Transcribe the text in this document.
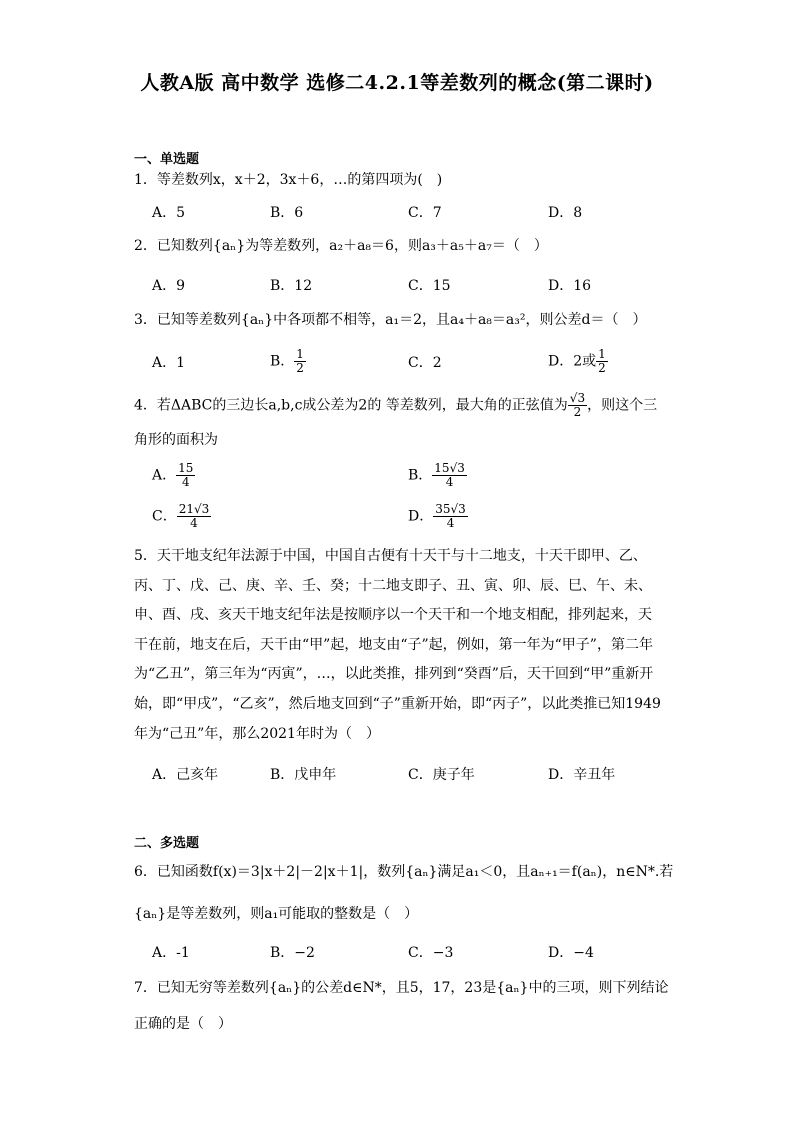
人教A版 高中数学 选修二4.2.1等差数列的概念(第二课时)
一、单选题
1．等差数列x，x＋2，3x＋6，…的第四项为(　)
A．5	B．6	C．7	D．8
2．已知数列{aₙ}为等差数列，a₂＋a₈＝6，则a₃＋a₅＋a₇＝（　）
A．9	B．12	C．15	D．16
3．已知等差数列{aₙ}中各项都不相等，a₁＝2，且a₄＋a₈＝a₃²，则公差d＝（　）
A．1	B． $\frac{1}{2}$	C．2	D．2或 $\frac{1}{2}$
4．若ΔABC的三边长a,b,c成公差为2的 等差数列，最大角的正弦值为 $\frac{√3}{2}$ ，则这个三
角形的面积为
A． $\frac{15}{4}$	B． $\frac{15√3}{4}$
C． $\frac{21√3}{4}$	D． $\frac{35√3}{4}$
5．天干地支纪年法源于中国，中国自古便有十天干与十二地支，十天干即甲、乙、丙、丁、戊、己、庚、辛、壬、癸；十二地支即子、丑、寅、卯、辰、巳、午、未、申、酉、戌、亥天干地支纪年法是按顺序以一个天干和一个地支相配，排列起来，天干在前，地支在后，天干由“甲”起，地支由“子”起，例如，第一年为“甲子”，第二年为“乙丑”，第三年为“丙寅”，…，以此类推，排列到“癸酉”后，天干回到“甲”重新开始，即“甲戌”，“乙亥”，然后地支回到“子”重新开始，即“丙子”，以此类推已知1949年为“己丑”年，那么2021年时为（　）
A．己亥年	B．戊申年	C．庚子年	D．辛丑年
二、多选题
6．已知函数f(x)＝3|x＋2|－2|x＋1|，数列{aₙ}满足a₁＜0，且aₙ₊₁＝f(aₙ)，n∈N*.若
{aₙ}是等差数列，则a₁可能取的整数是（　）
A．-1	B．−2	C．−3	D．−4
7．已知无穷等差数列{aₙ}的公差d∈N*，且5，17，23是{aₙ}中的三项，则下列结论
正确的是（　）
